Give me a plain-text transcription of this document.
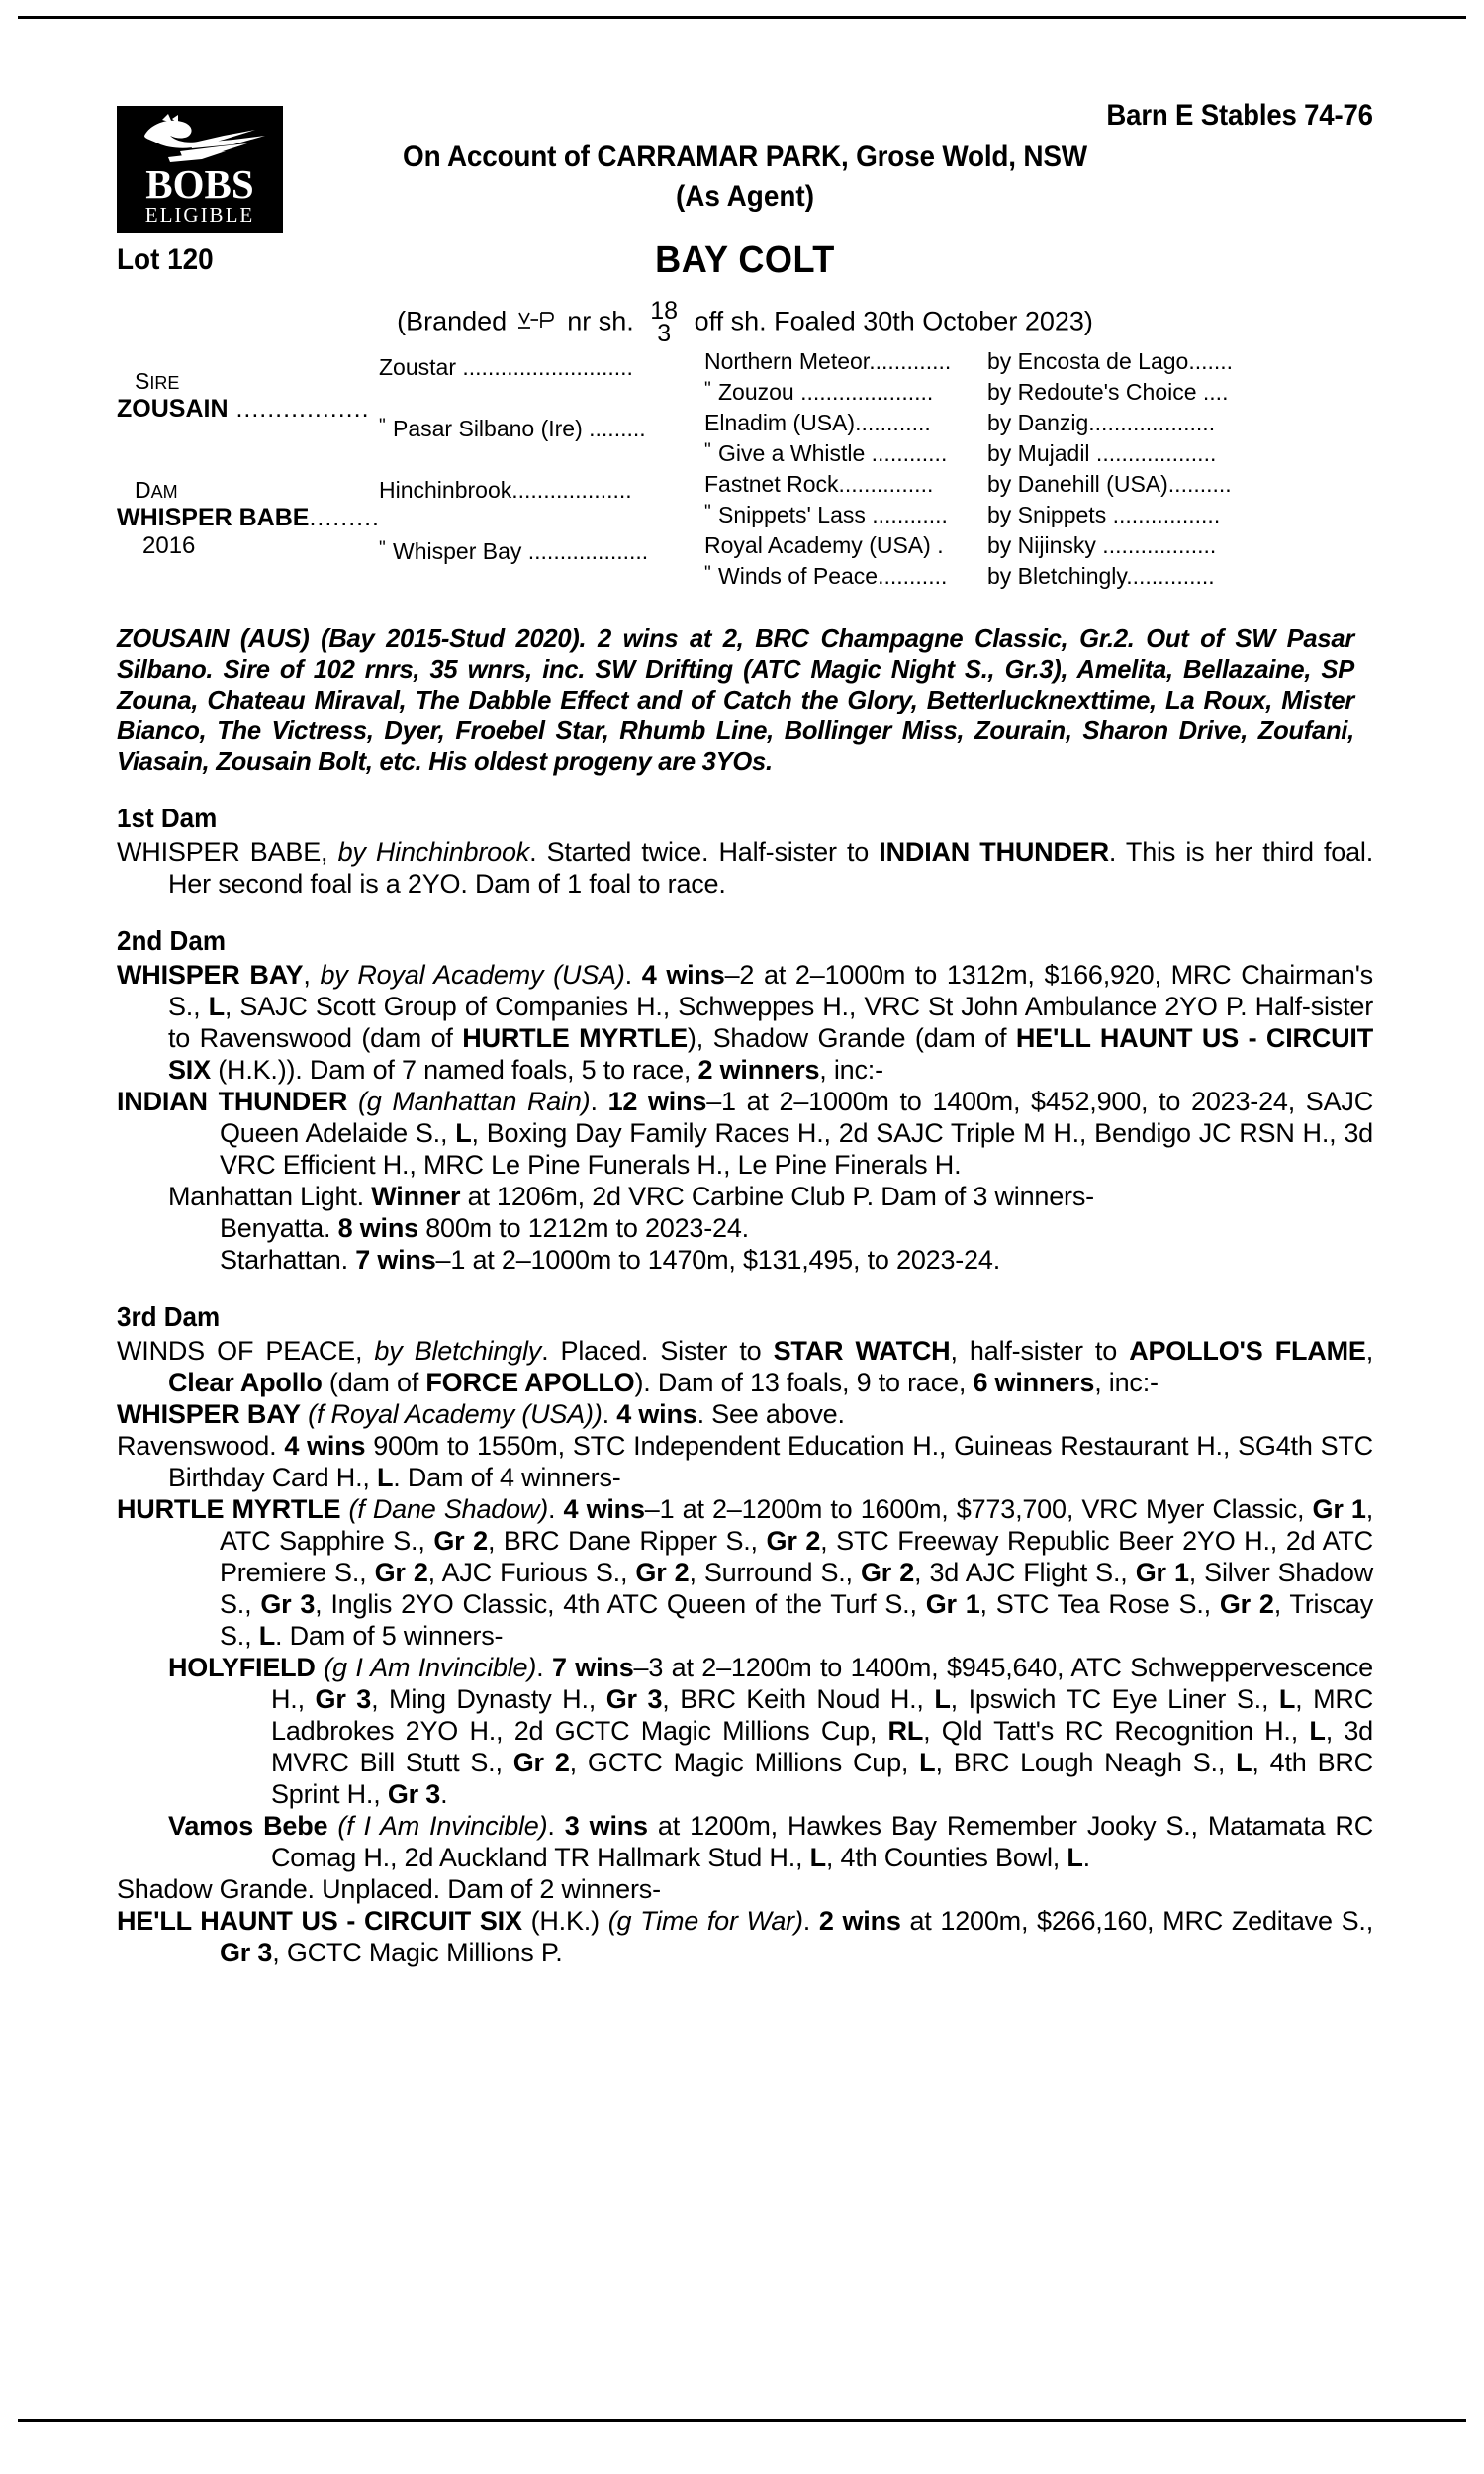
BOBS
ELIGIBLE
Barn E Stables 74-76
On Account of CARRAMAR PARK, Grose Wold, NSW
(As Agent)
Lot 120	BAY COLT
(Branded nr sh. 18
3 off sh. Foaled 30th October 2023)
SIRE
ZOUSAIN .................
DAM
WHISPER BABE.........
2016
Zoustar ...........................
" Pasar Silbano (Ire) .........
Hinchinbrook...................
" Whisper Bay ...................
Northern Meteor.............
" Zouzou .....................
Elnadim (USA)............
" Give a Whistle ............
Fastnet Rock...............
" Snippets' Lass ............
Royal Academy (USA) .
" Winds of Peace...........
by Encosta de Lago.......
by Redoute's Choice ....
by Danzig....................
by Mujadil ...................
by Danehill (USA)..........
by Snippets .................
by Nijinsky ..................
by Bletchingly..............
ZOUSAIN (AUS) (Bay 2015-Stud 2020). 2 wins at 2, BRC Champagne Classic, Gr.2. Out of SW Pasar Silbano. Sire of 102 rnrs, 35 wnrs, inc. SW Drifting (ATC Magic Night S., Gr.3), Amelita, Bellazaine, SP Zouna, Chateau Miraval, The Dabble Effect and of Catch the Glory, Betterlucknexttime, La Roux, Mister Bianco, The Victress, Dyer, Froebel Star, Rhumb Line, Bollinger Miss, Zourain, Sharon Drive, Zoufani, Viasain, Zousain Bolt, etc. His oldest progeny are 3YOs.
1st Dam

WHISPER BABE, by Hinchinbrook. Started twice. Half-sister to INDIAN THUNDER. This is her third foal. Her second foal is a 2YO. Dam of 1 foal to race.

2nd Dam

WHISPER BAY, by Royal Academy (USA). 4 wins–2 at 2–1000m to 1312m, $166,920, MRC Chairman's S., L, SAJC Scott Group of Companies H., Schweppes H., VRC St John Ambulance 2YO P. Half-sister to Ravenswood (dam of HURTLE MYRTLE), Shadow Grande (dam of HE'LL HAUNT US - CIRCUIT SIX (H.K.)). Dam of 7 named foals, 5 to race, 2 winners, inc:-

INDIAN THUNDER (g Manhattan Rain). 12 wins–1 at 2–1000m to 1400m, $452,900, to 2023-24, SAJC Queen Adelaide S., L, Boxing Day Family Races H., 2d SAJC Triple M H., Bendigo JC RSN H., 3d VRC Efficient H., MRC Le Pine Funerals H., Le Pine Finerals H.

Manhattan Light. Winner at 1206m, 2d VRC Carbine Club P. Dam of 3 winners-

Benyatta. 8 wins 800m to 1212m to 2023-24.

Starhattan. 7 wins–1 at 2–1000m to 1470m, $131,495, to 2023-24.

3rd Dam

WINDS OF PEACE, by Bletchingly. Placed. Sister to STAR WATCH, half-sister to APOLLO'S FLAME, Clear Apollo (dam of FORCE APOLLO). Dam of 13 foals, 9 to race, 6 winners, inc:-

WHISPER BAY (f Royal Academy (USA)). 4 wins. See above.

Ravenswood. 4 wins 900m to 1550m, STC Independent Education H., Guineas Restaurant H., SG4th STC Birthday Card H., L. Dam of 4 winners-

HURTLE MYRTLE (f Dane Shadow). 4 wins–1 at 2–1200m to 1600m, $773,700, VRC Myer Classic, Gr 1, ATC Sapphire S., Gr 2, BRC Dane Ripper S., Gr 2, STC Freeway Republic Beer 2YO H., 2d ATC Premiere S., Gr 2, AJC Furious S., Gr 2, Surround S., Gr 2, 3d AJC Flight S., Gr 1, Silver Shadow S., Gr 3, Inglis 2YO Classic, 4th ATC Queen of the Turf S., Gr 1, STC Tea Rose S., Gr 2, Triscay S., L. Dam of 5 winners-

HOLYFIELD (g I Am Invincible). 7 wins–3 at 2–1200m to 1400m, $945,640, ATC Schweppervescence H., Gr 3, Ming Dynasty H., Gr 3, BRC Keith Noud H., L, Ipswich TC Eye Liner S., L, MRC Ladbrokes 2YO H., 2d GCTC Magic Millions Cup, RL, Qld Tatt's RC Recognition H., L, 3d MVRC Bill Stutt S., Gr 2, GCTC Magic Millions Cup, L, BRC Lough Neagh S., L, 4th BRC Sprint H., Gr 3.

Vamos Bebe (f I Am Invincible). 3 wins at 1200m, Hawkes Bay Remember Jooky S., Matamata RC Comag H., 2d Auckland TR Hallmark Stud H., L, 4th Counties Bowl, L.

Shadow Grande. Unplaced. Dam of 2 winners-

HE'LL HAUNT US - CIRCUIT SIX (H.K.) (g Time for War). 2 wins at 1200m, $266,160, MRC Zeditave S., Gr 3, GCTC Magic Millions P.
